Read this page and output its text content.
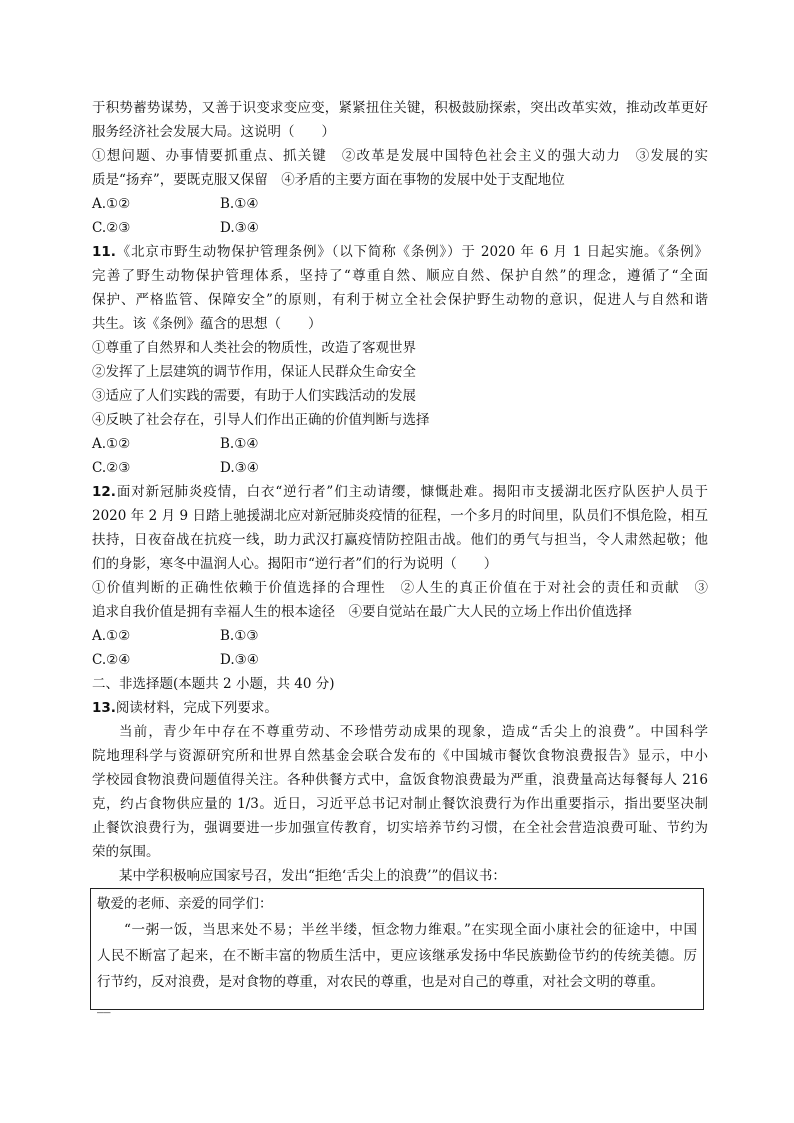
于积势蓄势谋势，又善于识变求变应变，紧紧扭住关键，积极鼓励探索，突出改革实效，推动改革更好
服务经济社会发展大局。这说明（　　）
①想问题、办事情要抓重点、抓关键　②改革是发展中国特色社会主义的强大动力　③发展的实
质是“扬弃”，要既克服又保留　④矛盾的主要方面在事物的发展中处于支配地位
A.①②	B.①④
C.②③	D.③④
11.《北京市野生动物保护管理条例》（以下简称《条例》）于 2020 年 6 月 1 日起实施。《条例》
完善了野生动物保护管理体系，坚持了“尊重自然、顺应自然、保护自然”的理念，遵循了“全面
保护、严格监管、保障安全”的原则，有利于树立全社会保护野生动物的意识，促进人与自然和谐
共生。该《条例》蕴含的思想（　　）
①尊重了自然界和人类社会的物质性，改造了客观世界
②发挥了上层建筑的调节作用，保证人民群众生命安全
③适应了人们实践的需要，有助于人们实践活动的发展
④反映了社会存在，引导人们作出正确的价值判断与选择
A.①②	B.①④
C.②③	D.③④
12.面对新冠肺炎疫情，白衣“逆行者”们主动请缨，慷慨赴难。揭阳市支援湖北医疗队医护人员于
2020 年 2 月 9 日踏上驰援湖北应对新冠肺炎疫情的征程，一个多月的时间里，队员们不惧危险，相互
扶持，日夜奋战在抗疫一线，助力武汉打赢疫情防控阻击战。他们的勇气与担当，令人肃然起敬；他
们的身影，寒冬中温润人心。揭阳市“逆行者”们的行为说明（　　）
①价值判断的正确性依赖于价值选择的合理性　②人生的真正价值在于对社会的责任和贡献　③
追求自我价值是拥有幸福人生的根本途径　④要自觉站在最广大人民的立场上作出价值选择
A.①②	B.①③
C.②④	D.③④
二、非选择题(本题共 2 小题，共 40 分)
13.阅读材料，完成下列要求。
当前，青少年中存在不尊重劳动、不珍惜劳动成果的现象，造成“舌尖上的浪费”。中国科学
院地理科学与资源研究所和世界自然基金会联合发布的《中国城市餐饮食物浪费报告》显示，中小
学校园食物浪费问题值得关注。各种供餐方式中，盒饭食物浪费最为严重，浪费量高达每餐每人 216
克，约占食物供应量的 1/3。近日，习近平总书记对制止餐饮浪费行为作出重要指示，指出要坚决制
止餐饮浪费行为，强调要进一步加强宣传教育，切实培养节约习惯，在全社会营造浪费可耻、节约为
荣的氛围。
某中学积极响应国家号召，发出“拒绝‘舌尖上的浪费’”的倡议书：
敬爱的老师、亲爱的同学们：
“一粥一饭，当思来处不易；半丝半缕，恒念物力维艰。”在实现全面小康社会的征途中，中国
人民不断富了起来，在不断丰富的物质生活中，更应该继承发扬中华民族勤俭节约的传统美德。厉
行节约，反对浪费，是对食物的尊重，对农民的尊重，也是对自己的尊重，对社会文明的尊重。
__
